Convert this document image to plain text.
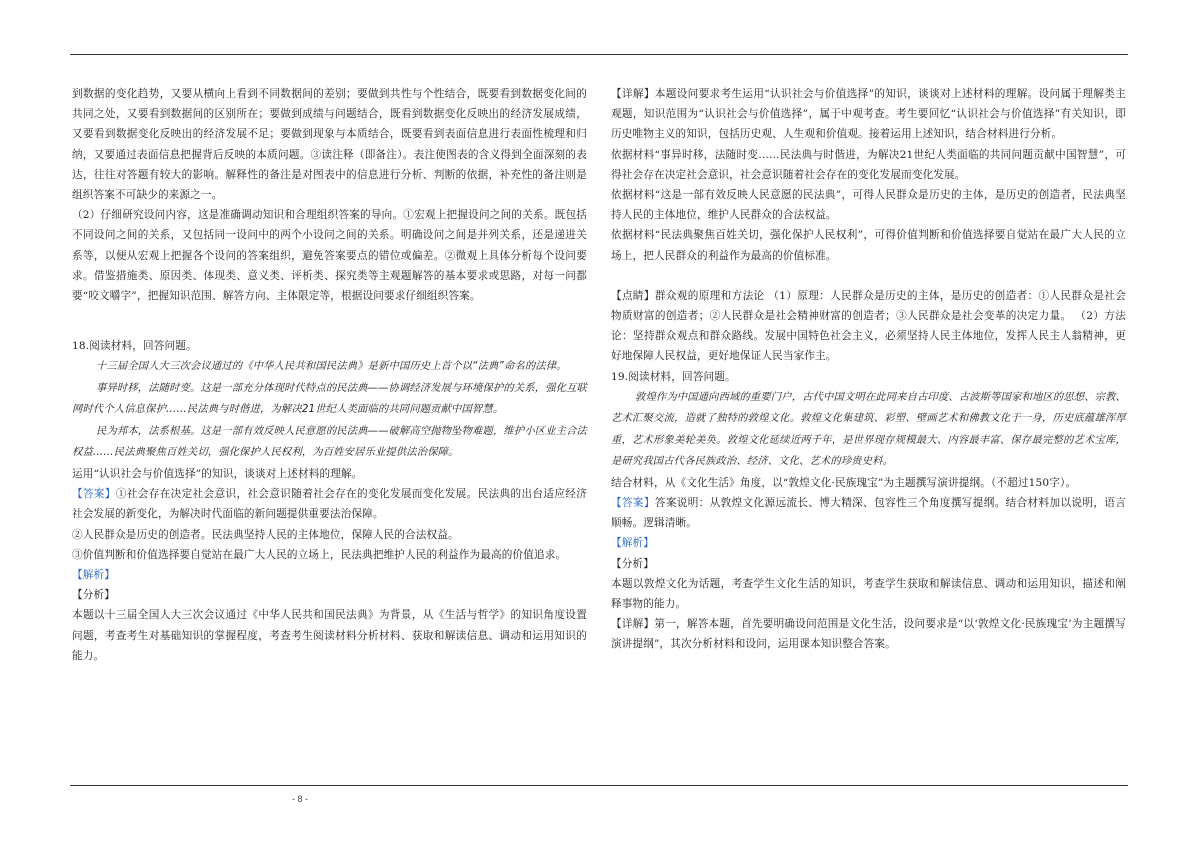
到数据的变化趋势，又要从横向上看到不同数据间的差别；要做到共性与个性结合，既要看到数据变化间的共同之处，又要看到数据间的区别所在；要做到成绩与问题结合，既看到数据变化反映出的经济发展成绩，又要看到数据变化反映出的经济发展不足；要做到现象与本质结合，既要看到表面信息进行表面性梳理和归纳，又要通过表面信息把握背后反映的本质问题。③读注释（即备注）。表注使图表的含义得到全面深刻的表达，往往对答题有较大的影响。解释性的备注是对图表中的信息进行分析、判断的依据，补充性的备注则是组织答案不可缺少的来源之一。

（2）仔细研究设问内容，这是准确调动知识和合理组织答案的导向。①宏观上把握设问之间的关系。既包括不同设问之间的关系，又包括同一设问中的两个小设问之间的关系。明确设问之间是并列关系，还是递进关系等，以便从宏观上把握各个设问的答案组织，避免答案要点的错位或偏差。②微观上具体分析每个设问要求。借鉴措施类、原因类、体现类、意义类、评析类、探究类等主观题解答的基本要求或思路，对每一问都要“咬文嚼字”，把握知识范围、解答方向、主体限定等，根据设问要求仔细组织答案。

18.阅读材料，回答问题。

十三届全国人大三次会议通过的《中华人民共和国民法典》是新中国历史上首个以“法典”命名的法律。

事异时移，法随时变。这是一部充分体现时代特点的民法典——协调经济发展与环境保护的关系，强化互联网时代个人信息保护……民法典与时偕进，为解决21世纪人类面临的共同问题贡献中国智慧。

民为邦本，法系根基。这是一部有效反映人民意愿的民法典——破解高空抛物坠物难题，维护小区业主合法权益……民法典聚焦百姓关切，强化保护人民权利，为百姓安居乐业提供法治保障。

运用“认识社会与价值选择”的知识，谈谈对上述材料的理解。

【答案】①社会存在决定社会意识，社会意识随着社会存在的变化发展而变化发展。民法典的出台适应经济社会发展的新变化，为解决时代面临的新问题提供重要法治保障。

②人民群众是历史的创造者。民法典坚持人民的主体地位，保障人民的合法权益。

③价值判断和价值选择要自觉站在最广大人民的立场上，民法典把维护人民的利益作为最高的价值追求。

【解析】

【分析】

本题以十三届全国人大三次会议通过《中华人民共和国民法典》为背景，从《生活与哲学》的知识角度设置问题，考查考生对基础知识的掌握程度，考查考生阅读材料分析材料、获取和解读信息、调动和运用知识的能力。

【详解】本题设问要求考生运用“认识社会与价值选择”的知识，谈谈对上述材料的理解。设问属于理解类主观题，知识范围为“认识社会与价值选择”，属于中观考查。考生要回忆“认识社会与价值选择”有关知识，即历史唯物主义的知识，包括历史观、人生观和价值观。接着运用上述知识，结合材料进行分析。

依据材料“事异时移，法随时变……民法典与时偕进，为解决21世纪人类面临的共同问题贡献中国智慧”，可得社会存在决定社会意识，社会意识随着社会存在的变化发展而变化发展。

依据材料“这是一部有效反映人民意愿的民法典”，可得人民群众是历史的主体，是历史的创造者，民法典坚持人民的主体地位，维护人民群众的合法权益。

依据材料“民法典聚焦百姓关切，强化保护人民权利”，可得价值判断和价值选择要自觉站在最广大人民的立场上，把人民群众的利益作为最高的价值标准。

【点睛】群众观的原理和方法论 （1）原理：人民群众是历史的主体，是历史的创造者：①人民群众是社会物质财富的创造者；②人民群众是社会精神财富的创造者；③人民群众是社会变革的决定力量。 （2）方法论：坚持群众观点和群众路线。发展中国特色社会主义，必须坚持人民主体地位，发挥人民主人翁精神，更好地保障人民权益，更好地保证人民当家作主。

19.阅读材料，回答问题。

敦煌作为中国通向西域的重要门户，古代中国文明在此同来自古印度、古波斯等国家和地区的思想、宗教、艺术汇聚交流，造就了独特的敦煌文化。敦煌文化集建筑、彩塑、壁画艺术和佛教文化于一身，历史底蕴雄浑厚重，艺术形象美轮美奂。敦煌文化延续近两千年，是世界现存规模最大、内容最丰富、保存最完整的艺术宝库，是研究我国古代各民族政治、经济、文化、艺术的珍贵史料。

结合材料，从《文化生活》角度，以“敦煌文化·民族瑰宝”为主题撰写演讲提纲。（不超过150字）。

【答案】答案说明：从敦煌文化源远流长、博大精深、包容性三个角度撰写提纲。结合材料加以说明，语言顺畅。逻辑清晰。

【解析】

【分析】

本题以敦煌文化为话题，考查学生文化生活的知识，考查学生获取和解读信息、调动和运用知识，描述和阐释事物的能力。

【详解】第一，解答本题，首先要明确设问范围是文化生活，设问要求是“以‘敦煌文化·民族瑰宝’为主题撰写演讲提纲”，其次分析材料和设问，运用课本知识整合答案。

- 8 -
